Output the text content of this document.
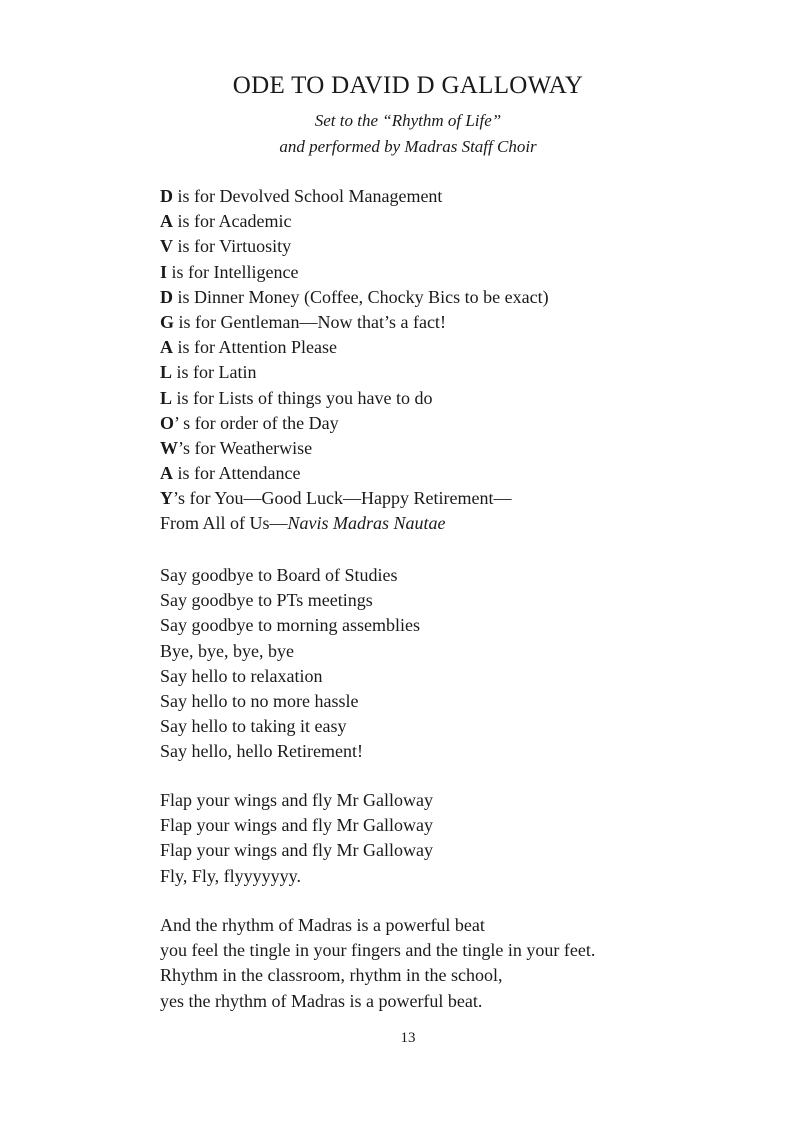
ODE TO DAVID D GALLOWAY

Set to the “Rhythm of Life”

and performed by Madras Staff Choir

D is for Devolved School Management
A is for Academic
V is for Virtuosity
I is for Intelligence
D is Dinner Money (Coffee, Chocky Bics to be exact)
G is for Gentleman—Now that’s a fact!
A is for Attention Please
L is for Latin
L is for Lists of things you have to do
O’ s for order of the Day
W’s for Weatherwise
A is for Attendance
Y’s for You—Good Luck—Happy Retirement—
From All of Us—Navis Madras Nautae
Say goodbye to Board of Studies
Say goodbye to PTs meetings
Say goodbye to morning assemblies
Bye, bye, bye, bye
Say hello to relaxation
Say hello to no more hassle
Say hello to taking it easy
Say hello, hello Retirement!
Flap your wings and fly Mr Galloway
Flap your wings and fly Mr Galloway
Flap your wings and fly Mr Galloway
Fly, Fly, flyyyyyyy.
And the rhythm of Madras is a powerful beat
you feel the tingle in your fingers and the tingle in your feet.
Rhythm in the classroom, rhythm in the school,
yes the rhythm of Madras is a powerful beat.
13
